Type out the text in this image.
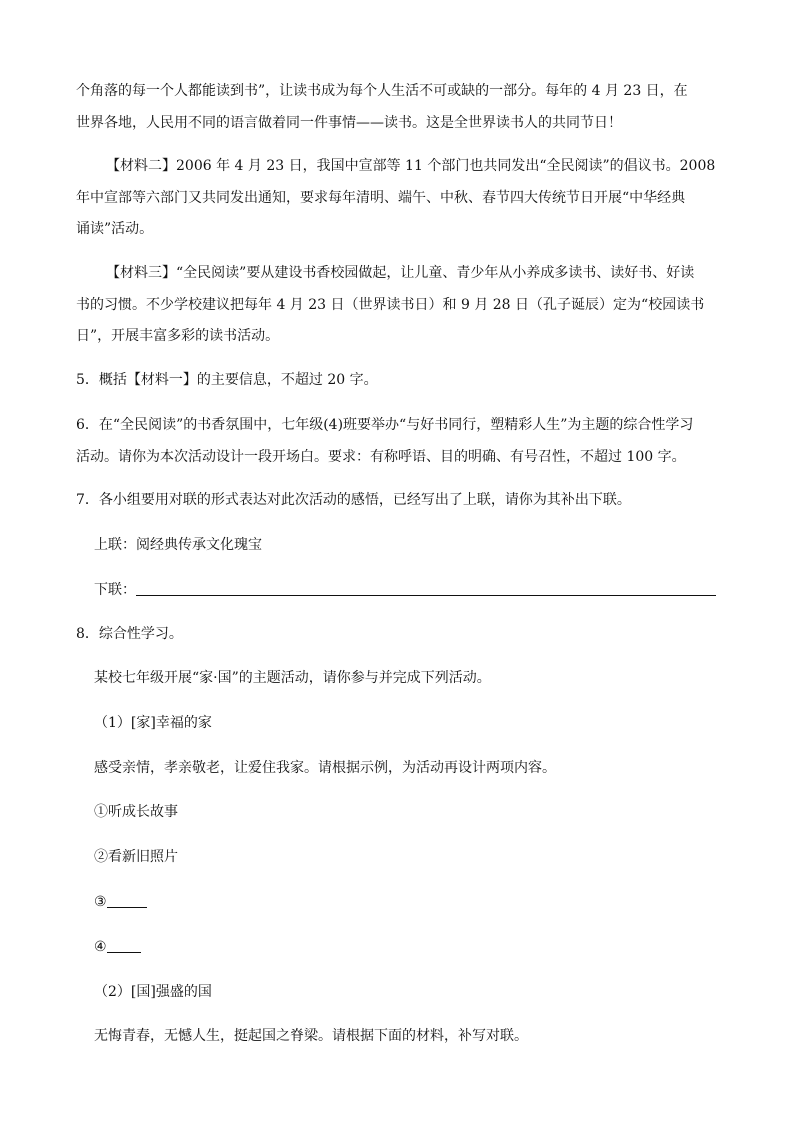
个角落的每一个人都能读到书”，让读书成为每个人生活不可或缺的一部分。每年的 4 月 23 日，在
世界各地，人民用不同的语言做着同一件事情——读书。这是全世界读书人的共同节日！
【材料二】2006 年 4 月 23 日，我国中宣部等 11 个部门也共同发出“全民阅读”的倡议书。2008
年中宣部等六部门又共同发出通知，要求每年清明、端午、中秋、春节四大传统节日开展“中华经典
诵读”活动。
【材料三】“全民阅读”要从建设书香校园做起，让儿童、青少年从小养成多读书、读好书、好读
书的习惯。不少学校建议把每年 4 月 23 日（世界读书日）和 9 月 28 日（孔子诞辰）定为“校园读书
日”，开展丰富多彩的读书活动。
5．概括【材料一】的主要信息，不超过 20 字。
6．在“全民阅读”的书香氛围中，七年级(4)班要举办“与好书同行，塑精彩人生”为主题的综合性学习
活动。请你为本次活动设计一段开场白。要求：有称呼语、目的明确、有号召性，不超过 100 字。
7．各小组要用对联的形式表达对此次活动的感悟，已经写出了上联，请你为其补出下联。
上联：阅经典传承文化瑰宝
下联：
8．综合性学习。
某校七年级开展“家·国”的主题活动，请你参与并完成下列活动。
（1）[家]幸福的家
感受亲情，孝亲敬老，让爱住我家。请根据示例，为活动再设计两项内容。
①听成长故事
②看新旧照片
③
④
（2）[国]强盛的国
无悔青春，无憾人生，挺起国之脊梁。请根据下面的材料，补写对联。
